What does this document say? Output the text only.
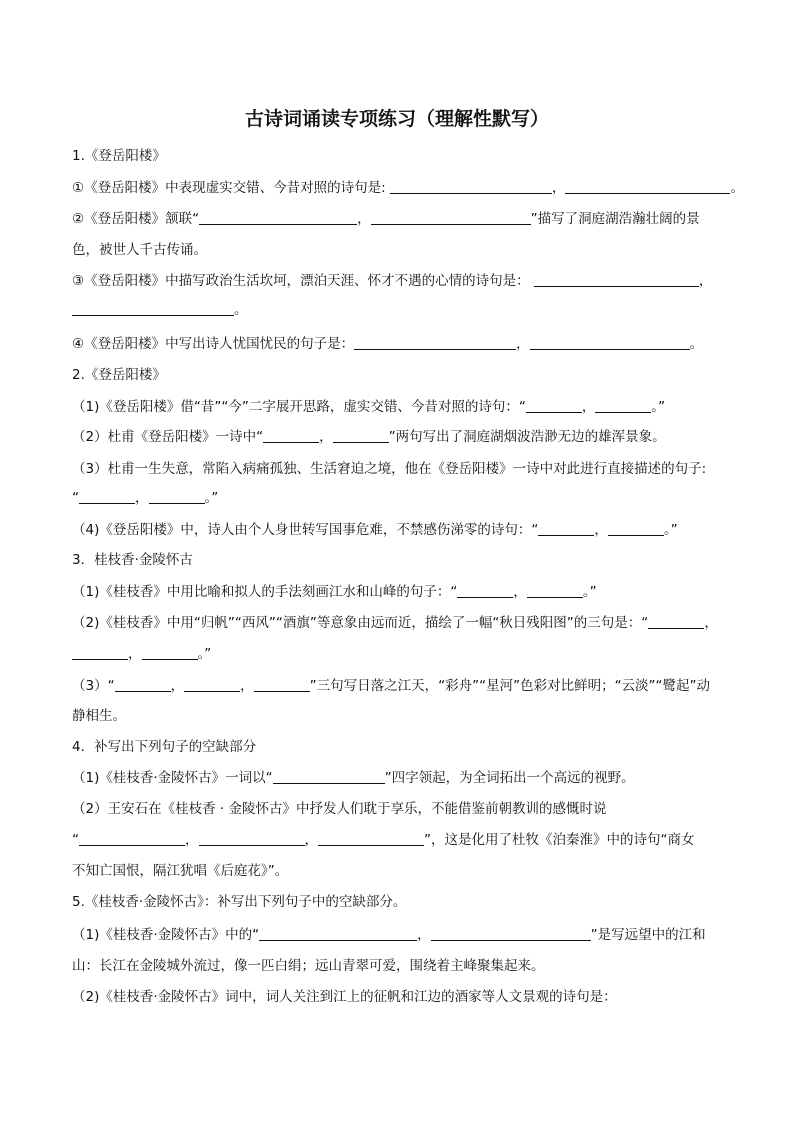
古诗词诵读专项练习（理解性默写）
1.《登岳阳楼》
①《登岳阳楼》中表现虚实交错、今昔对照的诗句是:	，	。
②《登岳阳楼》颔联“	，	”描写了洞庭湖浩瀚壮阔的景
色，被世人千古传诵。
③《登岳阳楼》中描写政治生活坎坷，漂泊天涯、怀才不遇的心情的诗句是：	，
。
④《登岳阳楼》中写出诗人忧国忧民的句子是：	，	。
2.《登岳阳楼》
（1)《登岳阳楼》借“昔”“今”二字展开思路，虚实交错、今昔对照的诗句：“	，	。”
（2）杜甫《登岳阳楼》一诗中“	，	”两句写出了洞庭湖烟波浩渺无边的雄浑景象。
（3）杜甫一生失意，常陷入病痛孤独、生活窘迫之境，他在《登岳阳楼》一诗中对此进行直接描述的句子:
“	，	。”
（4)《登岳阳楼》中，诗人由个人身世转写国事危难，不禁感伤涕零的诗句：“	，	。”
3．桂枝香·金陵怀古
（1)《桂枝香》中用比喻和拟人的手法刻画江水和山峰的句子：“	，	。”
（2)《桂枝香》中用“归帆”“西风”“酒旗”等意象由远而近，描绘了一幅“秋日残阳图”的三句是：“	，
，	。”
（3）“	，	，	”三句写日落之江天，“彩舟”“星河”色彩对比鲜明；“云淡”“鹭起”动
静相生。
4．补写出下列句子的空缺部分
（1)《桂枝香·金陵怀古》一词以“	”四字领起，为全词拓出一个高远的视野。
（2）王安石在《桂枝香 · 金陵怀古》中抒发人们耽于享乐，不能借鉴前朝教训的感慨时说
“	，	，	”，这是化用了杜牧《泊秦淮》中的诗句“商女
不知亡国恨，隔江犹唱《后庭花》”。
5.《桂枝香·金陵怀古》：补写出下列句子中的空缺部分。
（1)《桂枝香·金陵怀古》中的“	，	”是写远望中的江和
山：长江在金陵城外流过，像一匹白绢；远山青翠可爱，围绕着主峰聚集起来。
（2)《桂枝香·金陵怀古》词中，词人关注到江上的征帆和江边的酒家等人文景观的诗句是：
